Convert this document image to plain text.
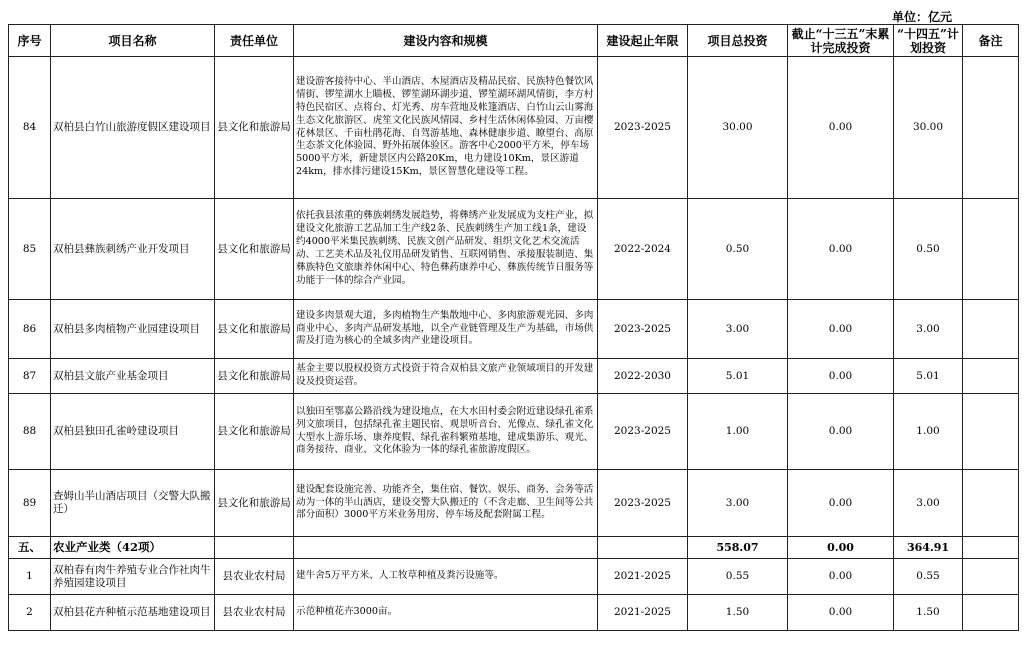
单位：亿元
序号	项目名称	责任单位	建设内容和规模	建设起止年限	项目总投资	截止“十三五”末累计完成投资	“十四五”计划投资	备注
84	双柏县白竹山旅游度假区建设项目	县文化和旅游局	建设游客接待中心、半山酒店、木屋酒店及精品民宿、民族特色餐饮风情街、锣笙湖水上瞄极、锣笙湖环湖步道、锣笙湖环湖风情街，李方村特色民宿区、点将台、灯光秀、房车营地及帐篷酒店、白竹山云山雾海生态文化旅游区、虎笙文化民族风情园、乡村生活休闲体验园、万亩樱花林景区、千亩杜鹃花海、自驾游基地、森林健康步道、瞭望台、高原生态茶文化体验园、野外拓展体验区。游客中心2000平方米，停车场5000平方米，新建景区内公路20Km，电力建设10Km，景区游道24km，排水排污建设15Km，景区智慧化建设等工程。	2023-2025	30.00	0.00	30.00	
85	双柏县彝族刺绣产业开发项目	县文化和旅游局	依托我县浓重的彝族刺绣发展趋势，将彝绣产业发展成为支柱产业，拟建设文化旅游工艺品加工生产线2条、民族刺绣生产加工线1条，建设约4000平米集民族刺绣、民族文创产品研发、组织文化艺术交流活动、工艺美术品及礼仪用品研发销售、互联网销售、承接服装制造、集彝族特色文旅康养休闲中心、特色彝药康养中心、彝族传统节日服务等功能于一体的综合产业园。	2022-2024	0.50	0.00	0.50	
86	双柏县多肉植物产业园建设项目	县文化和旅游局	建设多肉景观大道，多肉植物生产集散地中心、多肉旅游观光园、多肉商业中心、多肉产品研发基地，以全产业链管理及生产为基础，市场供需及打造为核心的全域多肉产业建设项目。	2023-2025	3.00	0.00	3.00	
87	双柏县文旅产业基金项目	县文化和旅游局	基金主要以股权投资方式投资于符合双柏县文旅产业领域项目的开发建设及投资运营。	2022-2030	5.01	0.00	5.01	
88	双柏县独田孔雀岭建设项目	县文化和旅游局	以独田至鄂嘉公路沿线为建设地点，在大水田村委会附近建设绿孔雀系列文旅项目，包括绿孔雀主题民宿、观景听音台、光像点、绿孔雀文化大型水上游乐场、康养度假、绿孔雀科繁殖基地，建成集游乐、观光、商务接待、商业、文化体验为一体的绿孔雀旅游度假区。	2023-2025	1.00	0.00	1.00	
89	查姆山半山酒店项目（交警大队搬迁）	县文化和旅游局	建设配套设施完善、功能齐全，集住宿、餐饮、娱乐、商务、会务等活动为一体的半山酒店，建设交警大队搬迁的（不含走廊、卫生间等公共部分面积）3000平方米业务用房、停车场及配套附属工程。	2023-2025	3.00	0.00	3.00	
五、	农业产业类（42项）				558.07	0.00	364.91	
1	双柏春有肉牛养殖专业合作社肉牛养殖园建设项目	县农业农村局	建牛舍5万平方米、人工牧草种植及粪污设施等。	2021-2025	0.55	0.00	0.55	
2	双柏县花卉种植示范基地建设项目	县农业农村局	示范种植花卉3000亩。	2021-2025	1.50	0.00	1.50	
